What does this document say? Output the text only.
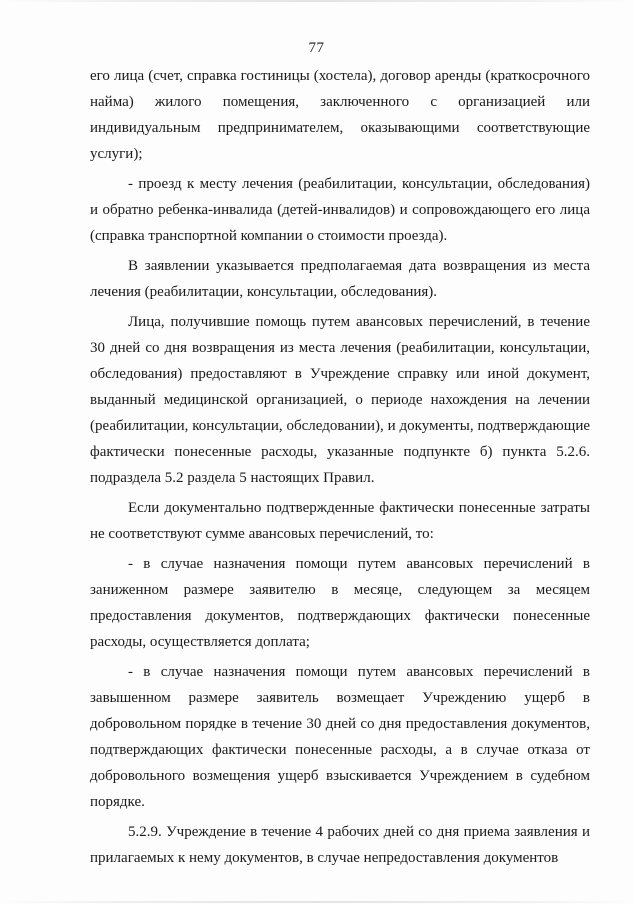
77

его лица (счет, справка гостиницы (хостела), договор аренды (краткосрочного найма) жилого помещения, заключенного с организацией или индивидуальным предпринимателем, оказывающими соответствующие услуги);

- проезд к месту лечения (реабилитации, консультации, обследования) и обратно ребенка-инвалида (детей-инвалидов) и сопровождающего его лица (справка транспортной компании о стоимости проезда).

В заявлении указывается предполагаемая дата возвращения из места лечения (реабилитации, консультации, обследования).

Лица, получившие помощь путем авансовых перечислений, в течение 30 дней со дня возвращения из места лечения (реабилитации, консультации, обследования) предоставляют в Учреждение справку или иной документ, выданный медицинской организацией, о периоде нахождения на лечении (реабилитации, консультации, обследовании), и документы, подтверждающие фактически понесенные расходы, указанные подпункте б) пункта 5.2.6. подраздела 5.2 раздела 5 настоящих Правил.

Если документально подтвержденные фактически понесенные затраты не соответствуют сумме авансовых перечислений, то:

- в случае назначения помощи путем авансовых перечислений в заниженном размере заявителю в месяце, следующем за месяцем предоставления документов, подтверждающих фактически понесенные расходы, осуществляется доплата;

- в случае назначения помощи путем авансовых перечислений в завышенном размере заявитель возмещает Учреждению ущерб в добровольном порядке в течение 30 дней со дня предоставления документов, подтверждающих фактически понесенные расходы, а в случае отказа от добровольного возмещения ущерб взыскивается Учреждением в судебном порядке.

5.2.9. Учреждение в течение 4 рабочих дней со дня приема заявления и прилагаемых к нему документов, в случае непредоставления документов
